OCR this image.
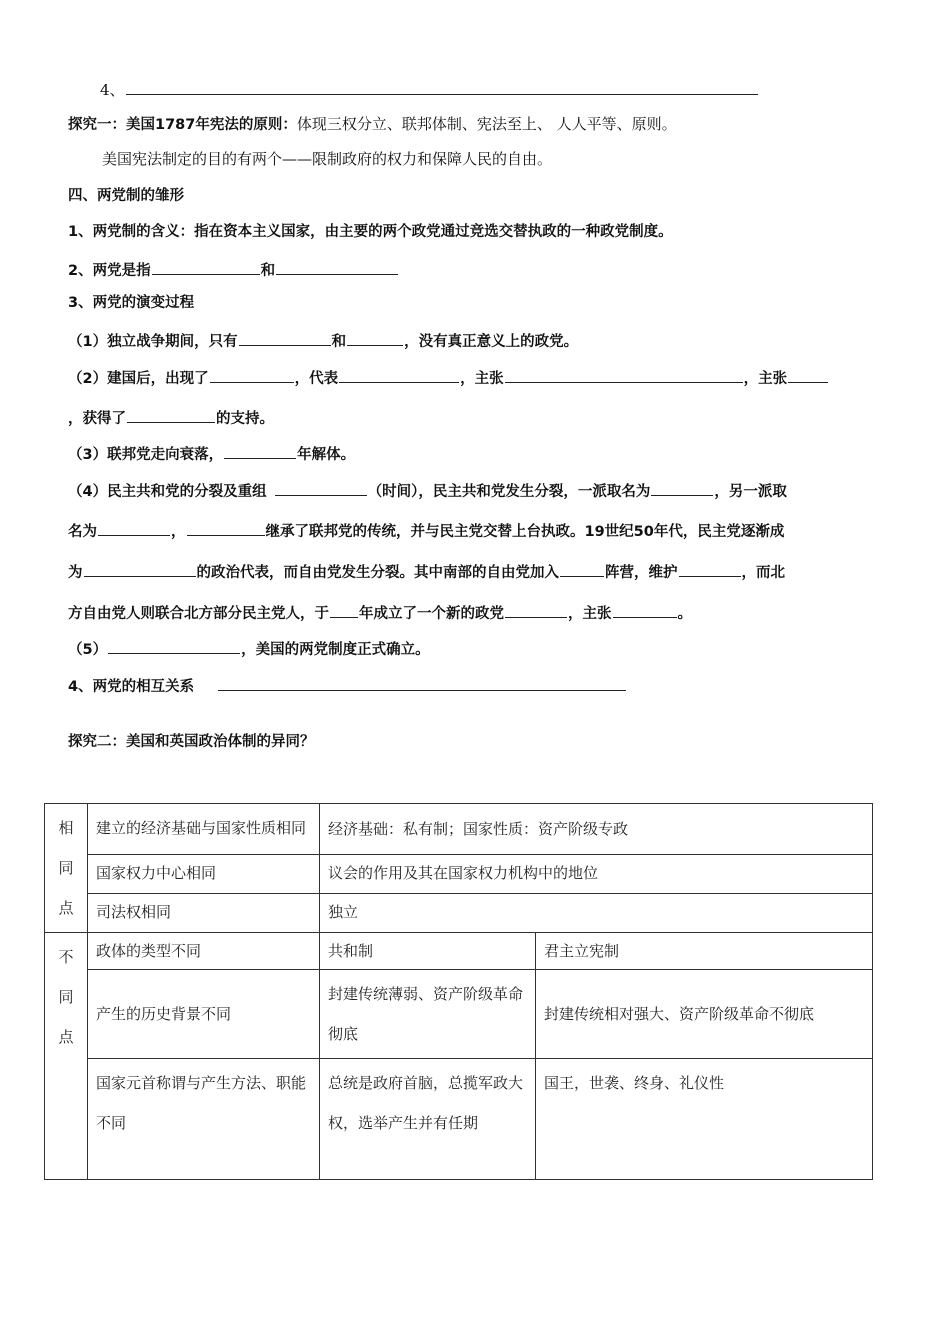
4、
探究一：美国1787年宪法的原则：体现三权分立、联邦体制、宪法至上、 人人平等、原则。
美国宪法制定的目的有两个——限制政府的权力和保障人民的自由。
四、两党制的雏形
1、两党制的含义：指在资本主义国家，由主要的两个政党通过竞选交替执政的一种政党制度。
2、两党是指	和
3、两党的演变过程
（1）独立战争期间，只有	和	，没有真正意义上的政党。
（2）建国后，出现了	，代表	，主张	，主张
，获得了	的支持。
（3）联邦党走向衰落，	年解体。
（4）民主共和党的分裂及重组	（时间），民主共和党发生分裂，一派取名为	，另一派取
名为	，	继承了联邦党的传统，并与民主党交替上台执政。19世纪50年代，民主党逐渐成
为	的政治代表，而自由党发生分裂。其中南部的自由党加入	阵营，维护	，而北
方自由党人则联合北方部分民主党人，于 年成立了一个新的政党	，主张	。
（5）	，美国的两党制度正式确立。
4、两党的相互关系
探究二：美国和英国政治体制的异同？
相
同
点	建立的经济基础与国家性质相同	经济基础：私有制；国家性质：资产阶级专政	
	国家权力中心相同	议会的作用及其在国家权力机构中的地位	
	司法权相同	独立	

不
同
点	政体的类型不同	共和制	君主立宪制
	产生的历史背景不同	封建传统薄弱、资产阶级革命彻底	封建传统相对强大、资产阶级革命不彻底
	国家元首称谓与产生方法、职能不同	总统是政府首脑，总揽军政大权，选举产生并有任期	国王，世袭、终身、礼仪性
